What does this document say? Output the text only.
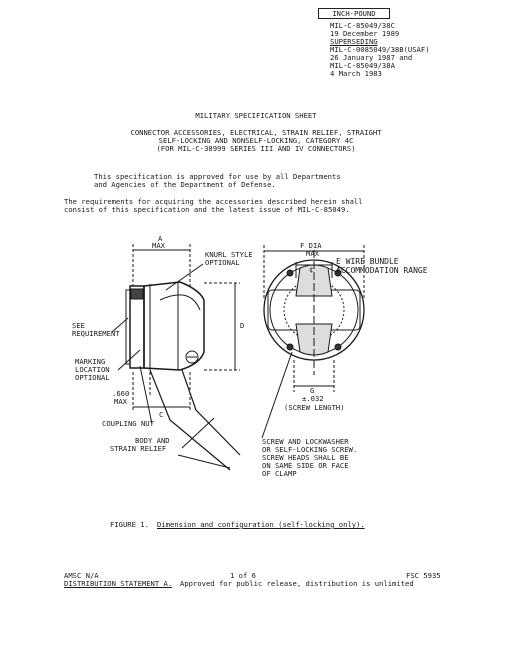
INCH-POUND
MIL-C-85049/38C
19 December 1989
SUPERSEDING
MIL-C-0085049/38B(USAF)
26 January 1987 and
MIL-C-85049/38A
4 March 1983
MILITARY SPECIFICATION SHEET
CONNECTOR ACCESSORIES, ELECTRICAL, STRAIN RELIEF, STRAIGHT
SELF-LOCKING AND NONSELF-LOCKING, CATEGORY 4C
(FOR MIL-C-38999 SERIES III AND IV CONNECTORS)
This specification is approved for use by all Departments
and Agencies of the Department of Defense.
The requirements for acquiring the accessories described herein shall
consist of this specification and the latest issue of MIL-C-85049.
A
MAX
KNURL STYLE
OPTIONAL
SEE
REQUIREMENT
D
MARKING
LOCATION
OPTIONAL
.660
MAX
C
COUPLING NUT
BODY AND
STRAIN RELIEF
F DIA
MAX
E WIRE BUNDLE
ACCOMMODATION RANGE
¢
G
±.032
(SCREW LENGTH)
SCREW AND LOCKWASHER
OR SELF-LOCKING SCREW.
SCREW HEADS SHALL BE
ON SAME SIDE OR FACE
OF CLAMP
FIGURE 1. Dimension and configuration (self-locking only).
AMSC N/A	1 of 6	FSC 5935
DISTRIBUTION STATEMENT A. Approved for public release, distribution is unlimited
